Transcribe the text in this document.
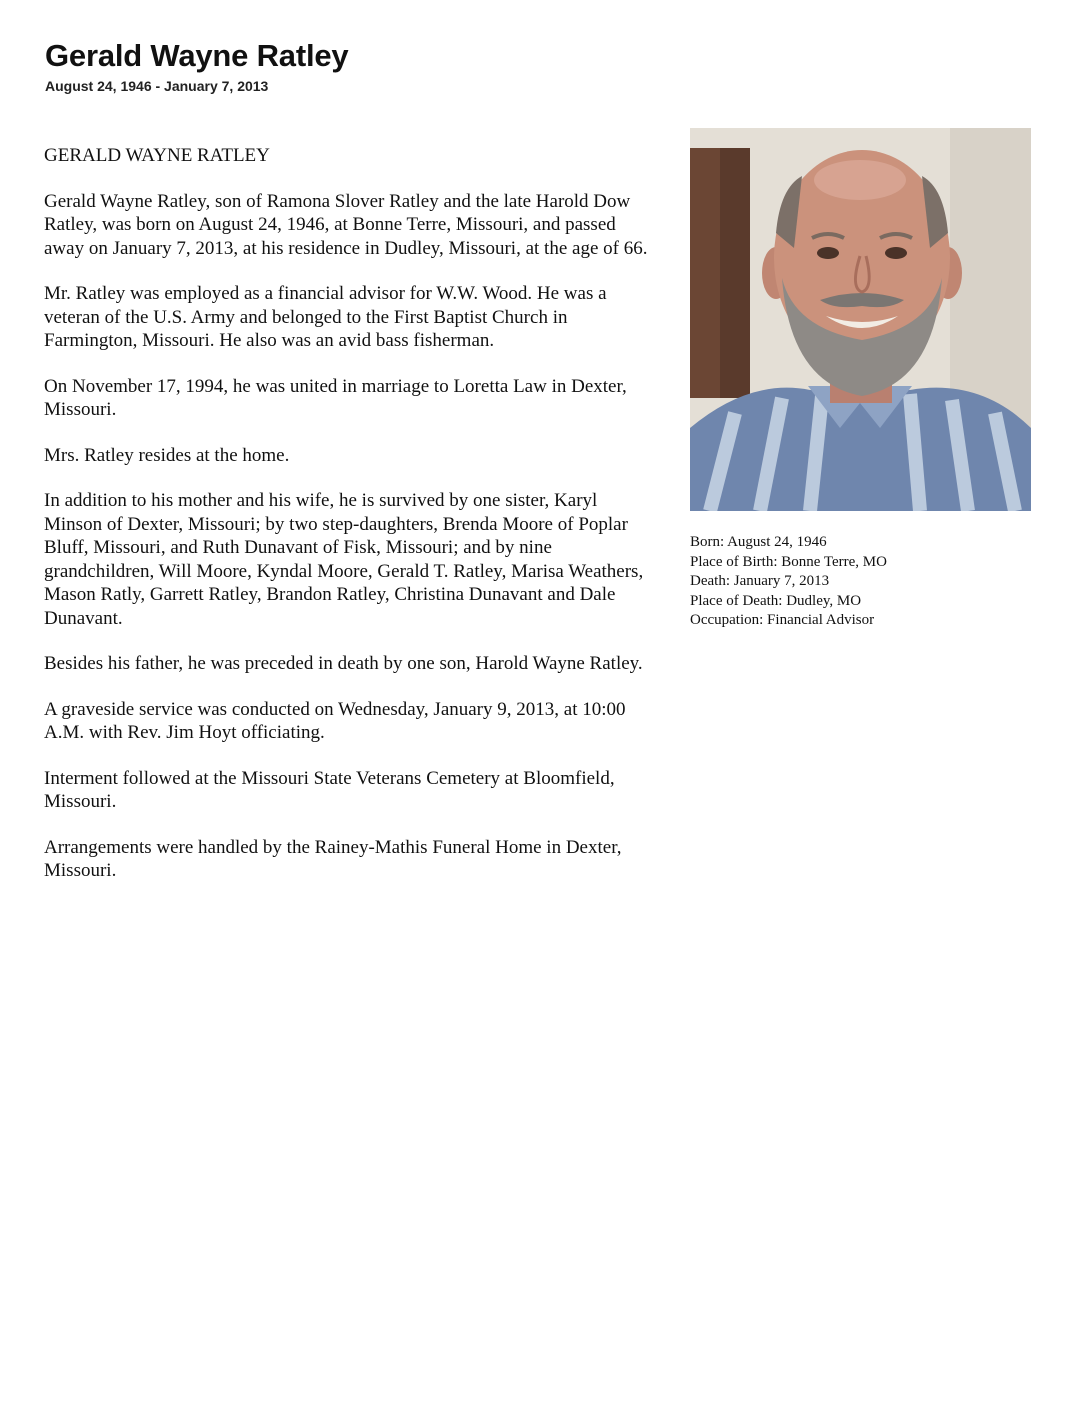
Gerald Wayne Ratley
August 24, 1946 - January 7, 2013

GERALD WAYNE RATLEY

Gerald Wayne Ratley, son of Ramona Slover Ratley and the late Harold Dow Ratley, was born on August 24, 1946, at Bonne Terre, Missouri, and passed away on January 7, 2013, at his residence in Dudley, Missouri, at the age of 66.

Mr. Ratley was employed as a financial advisor for W.W. Wood. He was a veteran of the U.S. Army and belonged to the First Baptist Church in Farmington, Missouri. He also was an avid bass fisherman.

On November 17, 1994, he was united in marriage to Loretta Law in Dexter, Missouri.

Mrs. Ratley resides at the home.

In addition to his mother and his wife, he is survived by one sister, Karyl Minson of Dexter, Missouri; by two step-daughters, Brenda Moore of Poplar Bluff, Missouri, and Ruth Dunavant of Fisk, Missouri; and by nine grandchildren, Will Moore, Kyndal Moore, Gerald T. Ratley, Marisa Weathers, Mason Ratly, Garrett Ratley, Brandon Ratley, Christina Dunavant and Dale Dunavant.

Besides his father, he was preceded in death by one son, Harold Wayne Ratley.

A graveside service was conducted on Wednesday, January 9, 2013, at 10:00 A.M. with Rev. Jim Hoyt officiating.

Interment followed at the Missouri State Veterans Cemetery at Bloomfield, Missouri.

Arrangements were handled by the Rainey-Mathis Funeral Home in Dexter, Missouri.

Born: August 24, 1946
Place of Birth: Bonne Terre, MO
Death: January 7, 2013
Place of Death: Dudley, MO
Occupation: Financial Advisor
